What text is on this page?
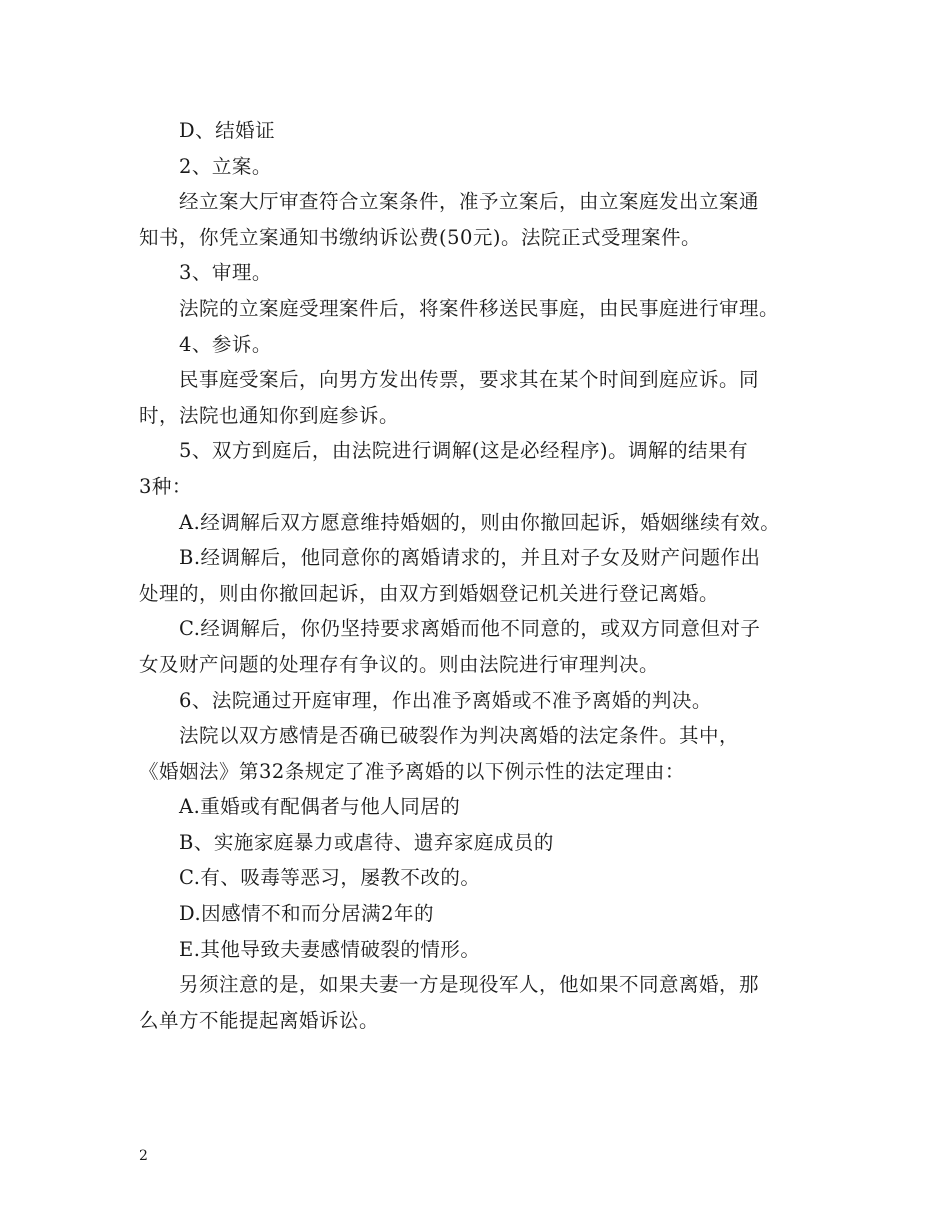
D、结婚证
2、立案。
经立案大厅审查符合立案条件，准予立案后，由立案庭发出立案通
知书，你凭立案通知书缴纳诉讼费(50元)。法院正式受理案件。
3、审理。
法院的立案庭受理案件后，将案件移送民事庭，由民事庭进行审理。
4、参诉。
民事庭受案后，向男方发出传票，要求其在某个时间到庭应诉。同
时，法院也通知你到庭参诉。
5、双方到庭后，由法院进行调解(这是必经程序)。调解的结果有
3种：
A.经调解后双方愿意维持婚姻的，则由你撤回起诉，婚姻继续有效。
B.经调解后，他同意你的离婚请求的，并且对子女及财产问题作出
处理的，则由你撤回起诉，由双方到婚姻登记机关进行登记离婚。
C.经调解后，你仍坚持要求离婚而他不同意的，或双方同意但对子
女及财产问题的处理存有争议的。则由法院进行审理判决。
6、法院通过开庭审理，作出准予离婚或不准予离婚的判决。
法院以双方感情是否确已破裂作为判决离婚的法定条件。其中，
《婚姻法》第32条规定了准予离婚的以下例示性的法定理由：
A.重婚或有配偶者与他人同居的
B、实施家庭暴力或虐待、遗弃家庭成员的
C.有、吸毒等恶习，屡教不改的。
D.因感情不和而分居满2年的
E.其他导致夫妻感情破裂的情形。
另须注意的是，如果夫妻一方是现役军人，他如果不同意离婚，那
么单方不能提起离婚诉讼。
2
